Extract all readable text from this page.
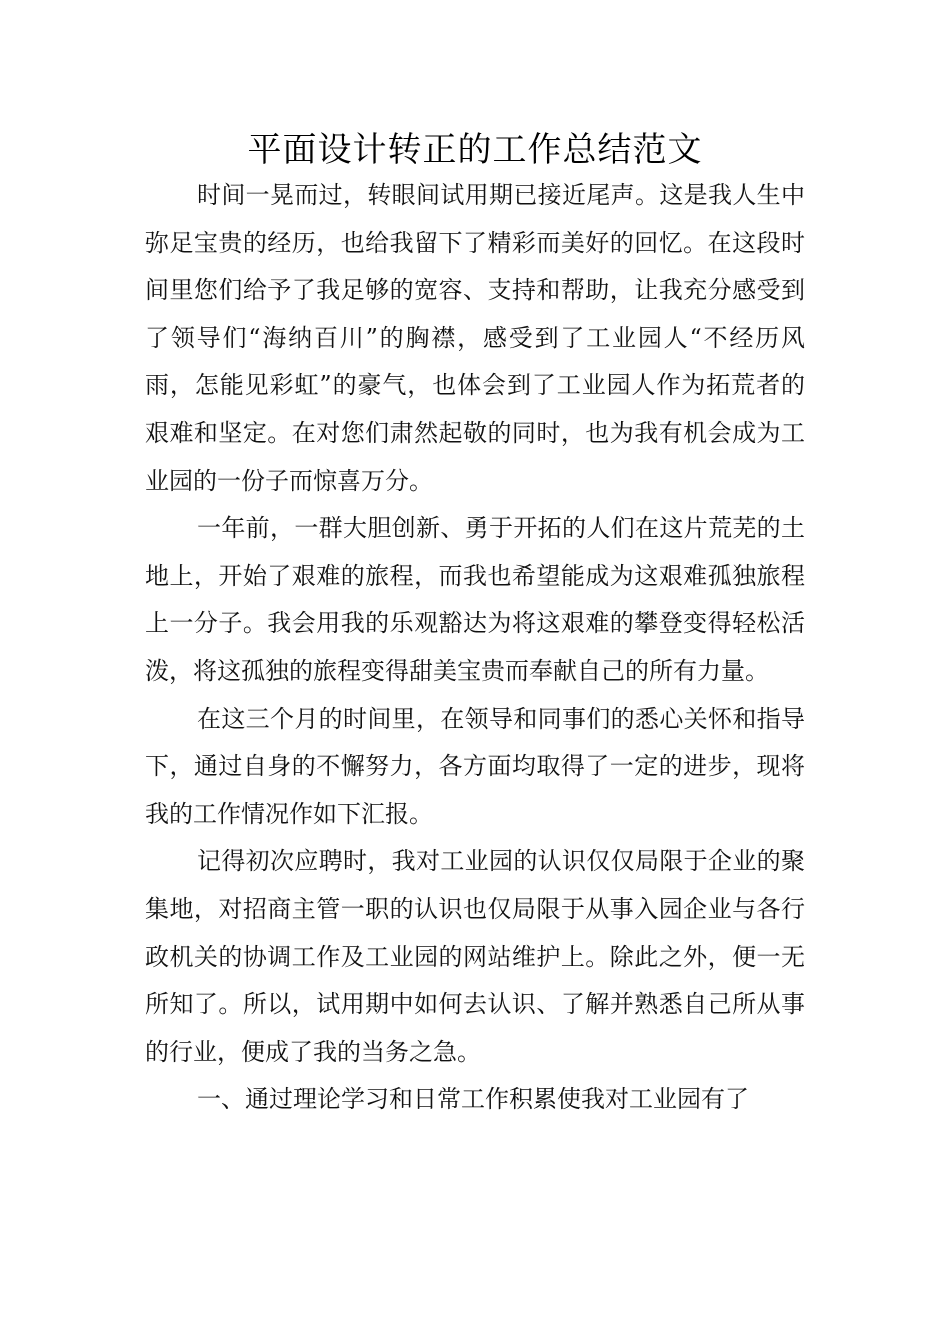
平面设计转正的工作总结范文

时间一晃而过，转眼间试用期已接近尾声。这是我人生中弥足宝贵的经历，也给我留下了精彩而美好的回忆。在这段时间里您们给予了我足够的宽容、支持和帮助，让我充分感受到了领导们“海纳百川”的胸襟，感受到了工业园人“不经历风雨，怎能见彩虹”的豪气，也体会到了工业园人作为拓荒者的艰难和坚定。在对您们肃然起敬的同时，也为我有机会成为工业园的一份子而惊喜万分。

一年前，一群大胆创新、勇于开拓的人们在这片荒芜的土地上，开始了艰难的旅程，而我也希望能成为这艰难孤独旅程上一分子。我会用我的乐观豁达为将这艰难的攀登变得轻松活泼，将这孤独的旅程变得甜美宝贵而奉献自己的所有力量。

在这三个月的时间里，在领导和同事们的悉心关怀和指导下，通过自身的不懈努力，各方面均取得了一定的进步，现将我的工作情况作如下汇报。

记得初次应聘时，我对工业园的认识仅仅局限于企业的聚集地，对招商主管一职的认识也仅局限于从事入园企业与各行政机关的协调工作及工业园的网站维护上。除此之外，便一无所知了。所以，试用期中如何去认识、了解并熟悉自己所从事的行业，便成了我的当务之急。

一、通过理论学习和日常工作积累使我对工业园有了
